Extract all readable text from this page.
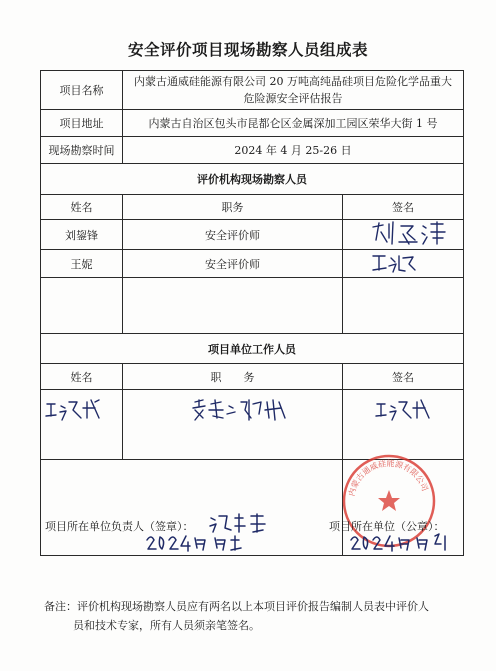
安全评价项目现场勘察人员组成表
项目名称	内蒙古通威硅能源有限公司 20 万吨高纯晶硅项目危险化学品重大危险源安全评估报告	
项目地址	内蒙古自治区包头市昆都仑区金属深加工园区荣华大街 1 号	
现场勘察时间	2024 年 4 月 25-26 日	
评价机构现场勘察人员		
姓名	职务	签名
刘鋆锋	安全评价师	
王妮	安全评价师	

项目单位工作人员		
姓名	职　　务	签名

项目所在单位负责人（签章）：		内蒙古通威硅能源有限公司
项目所在单位（公章）：
备注：评价机构现场勘察人员应有两名以上本项目评价报告编制人员表中评价人
员和技术专家，所有人员须亲笔签名。
